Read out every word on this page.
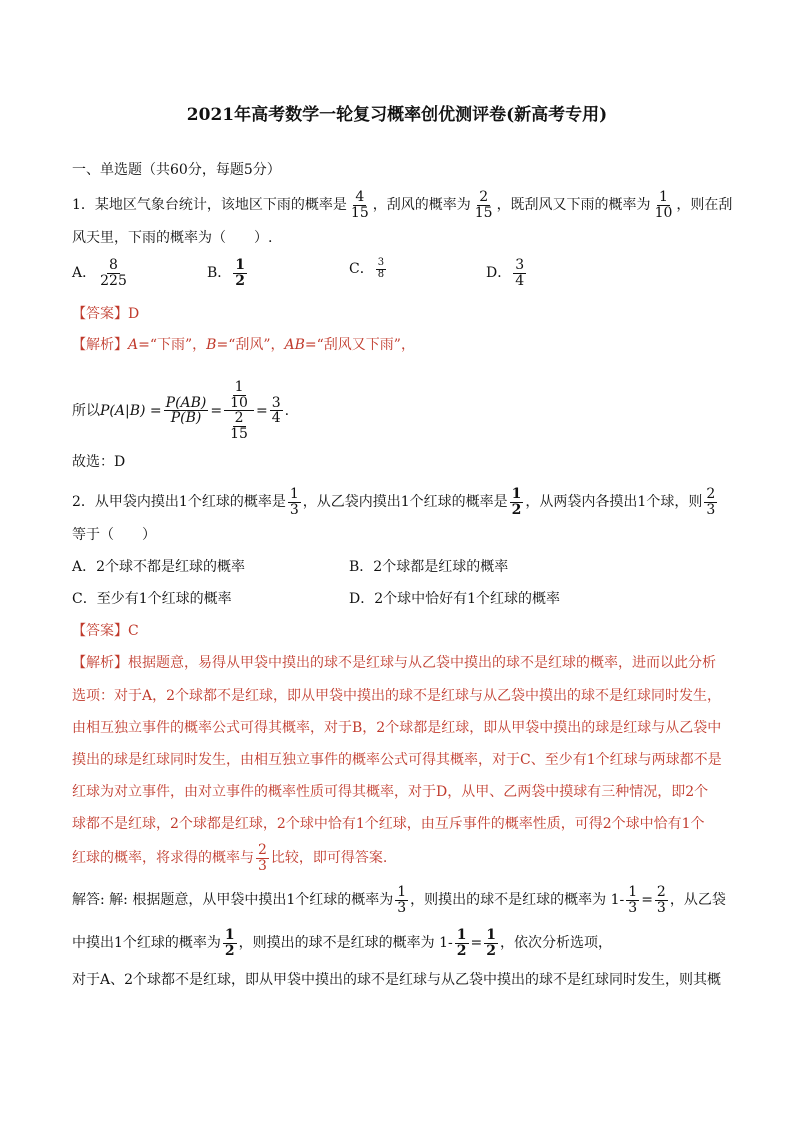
2021年高考数学一轮复习概率创优测评卷(新高考专用)
一、单选题（共60分，每题5分）
1．某地区气象台统计，该地区下雨的概率是 $\frac{4}{15}$ ，刮风的概率为 $\frac{2}{15}$ ，既刮风又下雨的概率为 $\frac{1}{10}$ ，则在刮
风天里，下雨的概率为（　　）.
A． $\frac{8}{225}$	B． $\frac{1}{2}$	C． $\frac{3}{8}$	D． $\frac{3}{4}$
【答案】D
【解析】A=“下雨”，B=“刮风”，AB=“刮风又下雨”，
所以$P(A|B) = \frac{P(AB)}{P(B)} = \frac{\frac{1}{10}}{\frac{2}{15}} = \frac{3}{4}$ .
故选：D
2．从甲袋内摸出1个红球的概率是 $\frac{1}{3}$ ，从乙袋内摸出1个红球的概率是 $\frac{1}{2}$ ，从两袋内各摸出1个球，则 $\frac{2}{3}$
等于（　　）
A．2个球不都是红球的概率	B．2个球都是红球的概率
C．至少有1个红球的概率	D．2个球中恰好有1个红球的概率
【答案】C
【解析】根据题意，易得从甲袋中摸出的球不是红球与从乙袋中摸出的球不是红球的概率，进而以此分析
选项：对于A，2个球都不是红球，即从甲袋中摸出的球不是红球与从乙袋中摸出的球不是红球同时发生，
由相互独立事件的概率公式可得其概率，对于B，2个球都是红球，即从甲袋中摸出的球是红球与从乙袋中
摸出的球是红球同时发生，由相互独立事件的概率公式可得其概率，对于C、至少有1个红球与两球都不是
红球为对立事件，由对立事件的概率性质可得其概率，对于D，从甲、乙两袋中摸球有三种情况，即2个
球都不是红球，2个球都是红球，2个球中恰有1个红球，由互斥事件的概率性质，可得2个球中恰有1个
红球的概率，将求得的概率与 $\frac{2}{3}$ 比较，即可得答案.
解答: 解: 根据题意，从甲袋中摸出1个红球的概率为 $\frac{1}{3}$ ，则摸出的球不是红球的概率为 $1- \frac{1}{3} = \frac{2}{3}$ ，从乙袋
中摸出1个红球的概率为 $\frac{1}{2}$ ，则摸出的球不是红球的概率为 $1- \frac{1}{2} = \frac{1}{2}$ ，依次分析选项，
对于A、2个球都不是红球，即从甲袋中摸出的球不是红球与从乙袋中摸出的球不是红球同时发生，则其概
